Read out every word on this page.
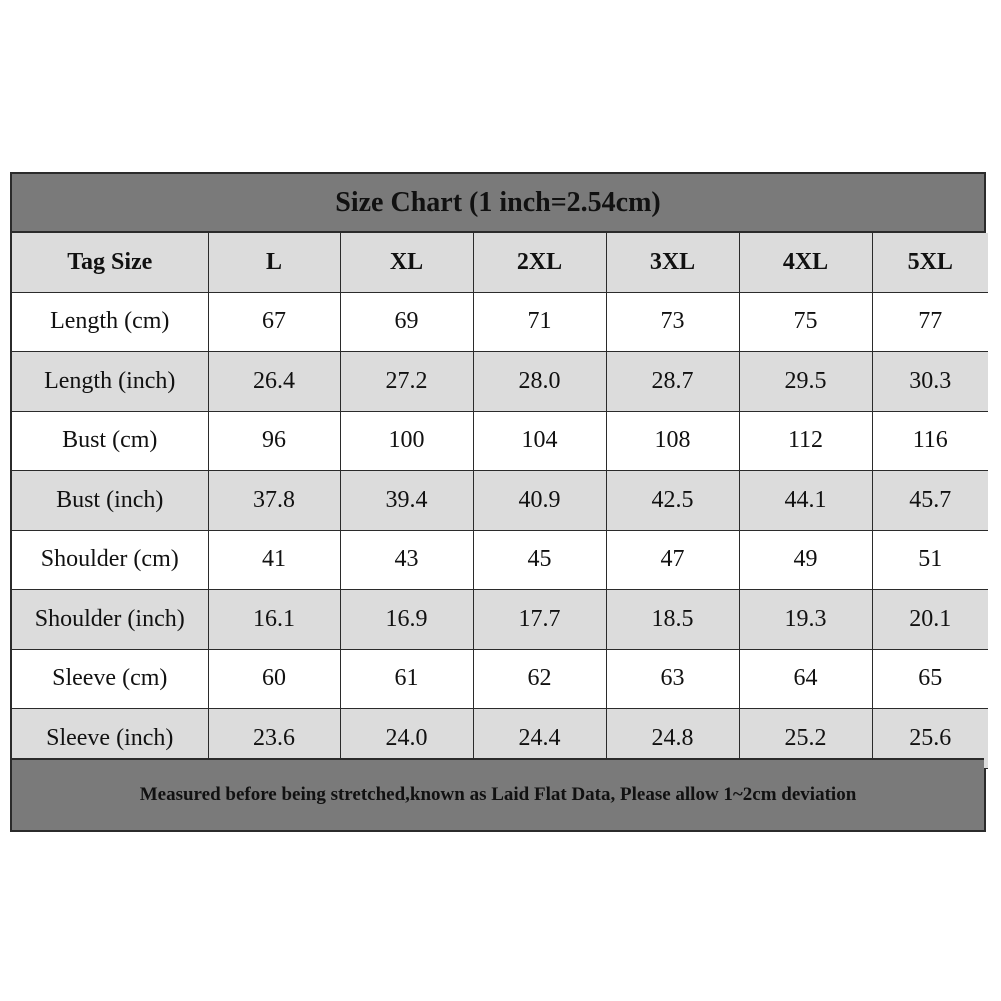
Size Chart (1 inch=2.54cm)
Tag Size	L	XL	2XL	3XL	4XL	5XL
Length (cm)	67	69	71	73	75	77
Length (inch)	26.4	27.2	28.0	28.7	29.5	30.3
Bust (cm)	96	100	104	108	112	116
Bust (inch)	37.8	39.4	40.9	42.5	44.1	45.7
Shoulder (cm)	41	43	45	47	49	51
Shoulder (inch)	16.1	16.9	17.7	18.5	19.3	20.1
Sleeve (cm)	60	61	62	63	64	65
Sleeve (inch)	23.6	24.0	24.4	24.8	25.2	25.6
Measured before being stretched,known as Laid Flat Data, Please allow 1~2cm deviation
